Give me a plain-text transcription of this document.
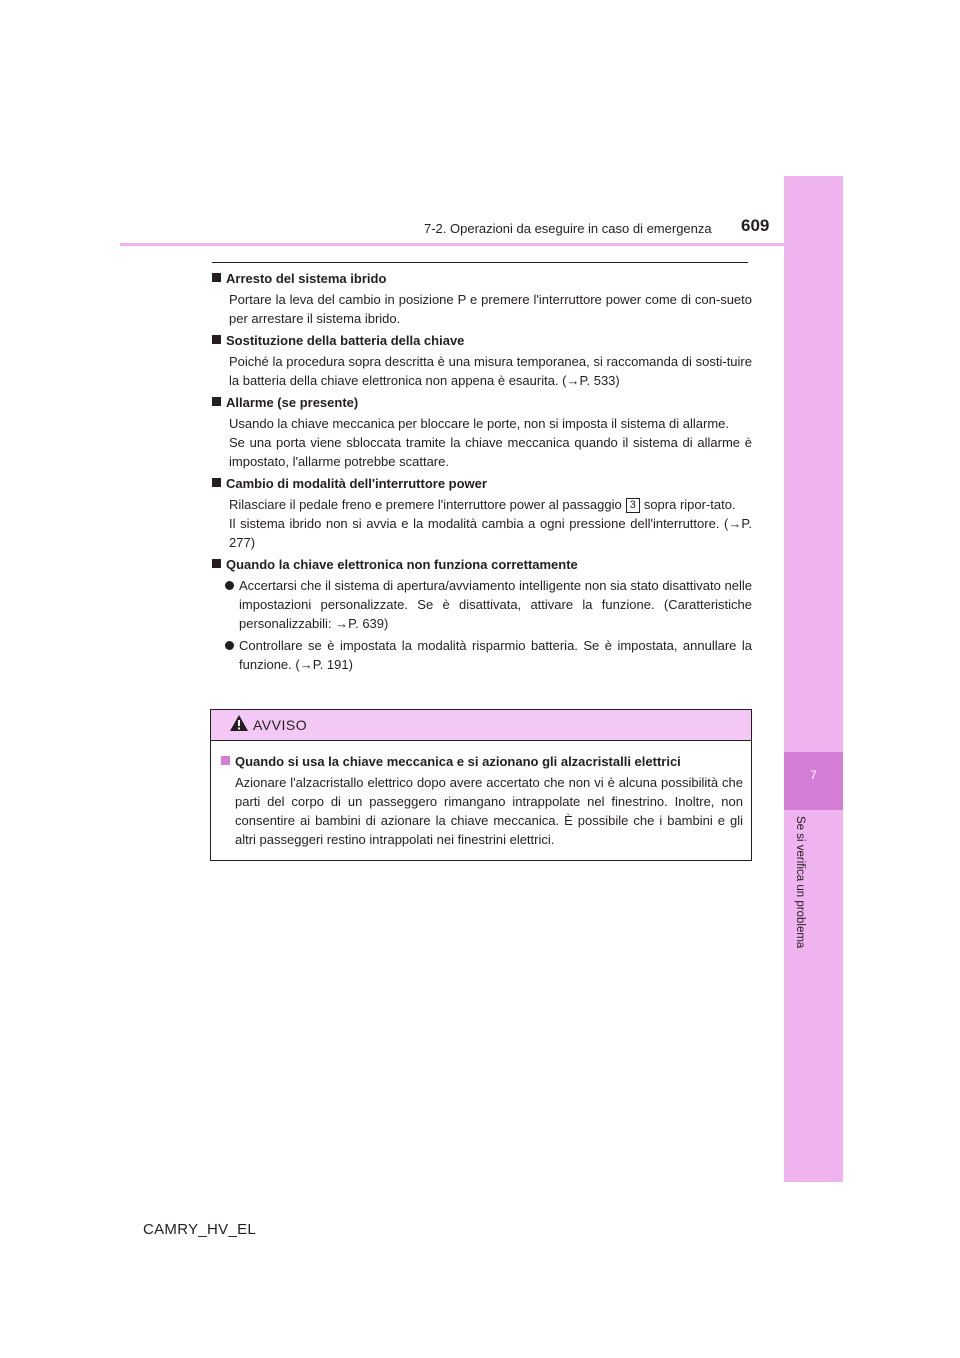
7
Se si verifica un problema
7-2. Operazioni da eseguire in caso di emergenza 609
Arresto del sistema ibrido
Portare la leva del cambio in posizione P e premere l'interruttore power come di con-sueto per arrestare il sistema ibrido.
Sostituzione della batteria della chiave
Poiché la procedura sopra descritta è una misura temporanea, si raccomanda di sosti-tuire la batteria della chiave elettronica non appena è esaurita. (→P. 533)
Allarme (se presente)
Usando la chiave meccanica per bloccare le porte, non si imposta il sistema di allarme.
Se una porta viene sbloccata tramite la chiave meccanica quando il sistema di allarme è impostato, l'allarme potrebbe scattare.
Cambio di modalità dell'interruttore power
Rilasciare il pedale freno e premere l'interruttore power al passaggio 3 sopra ripor-tato.
Il sistema ibrido non si avvia e la modalità cambia a ogni pressione dell'interruttore. (→P. 277)
Quando la chiave elettronica non funziona correttamente
Accertarsi che il sistema di apertura/avviamento intelligente non sia stato disattivato nelle impostazioni personalizzate. Se è disattivata, attivare la funzione. (Caratteristiche personalizzabili: →P. 639)
Controllare se è impostata la modalità risparmio batteria. Se è impostata, annullare la funzione. (→P. 191)
AVVISO
Quando si usa la chiave meccanica e si azionano gli alzacristalli elettrici
Azionare l'alzacristallo elettrico dopo avere accertato che non vi è alcuna possibilità che parti del corpo di un passeggero rimangano intrappolate nel finestrino. Inoltre, non consentire ai bambini di azionare la chiave meccanica. È possibile che i bambini e gli altri passeggeri restino intrappolati nei finestrini elettrici.
CAMRY_HV_EL
